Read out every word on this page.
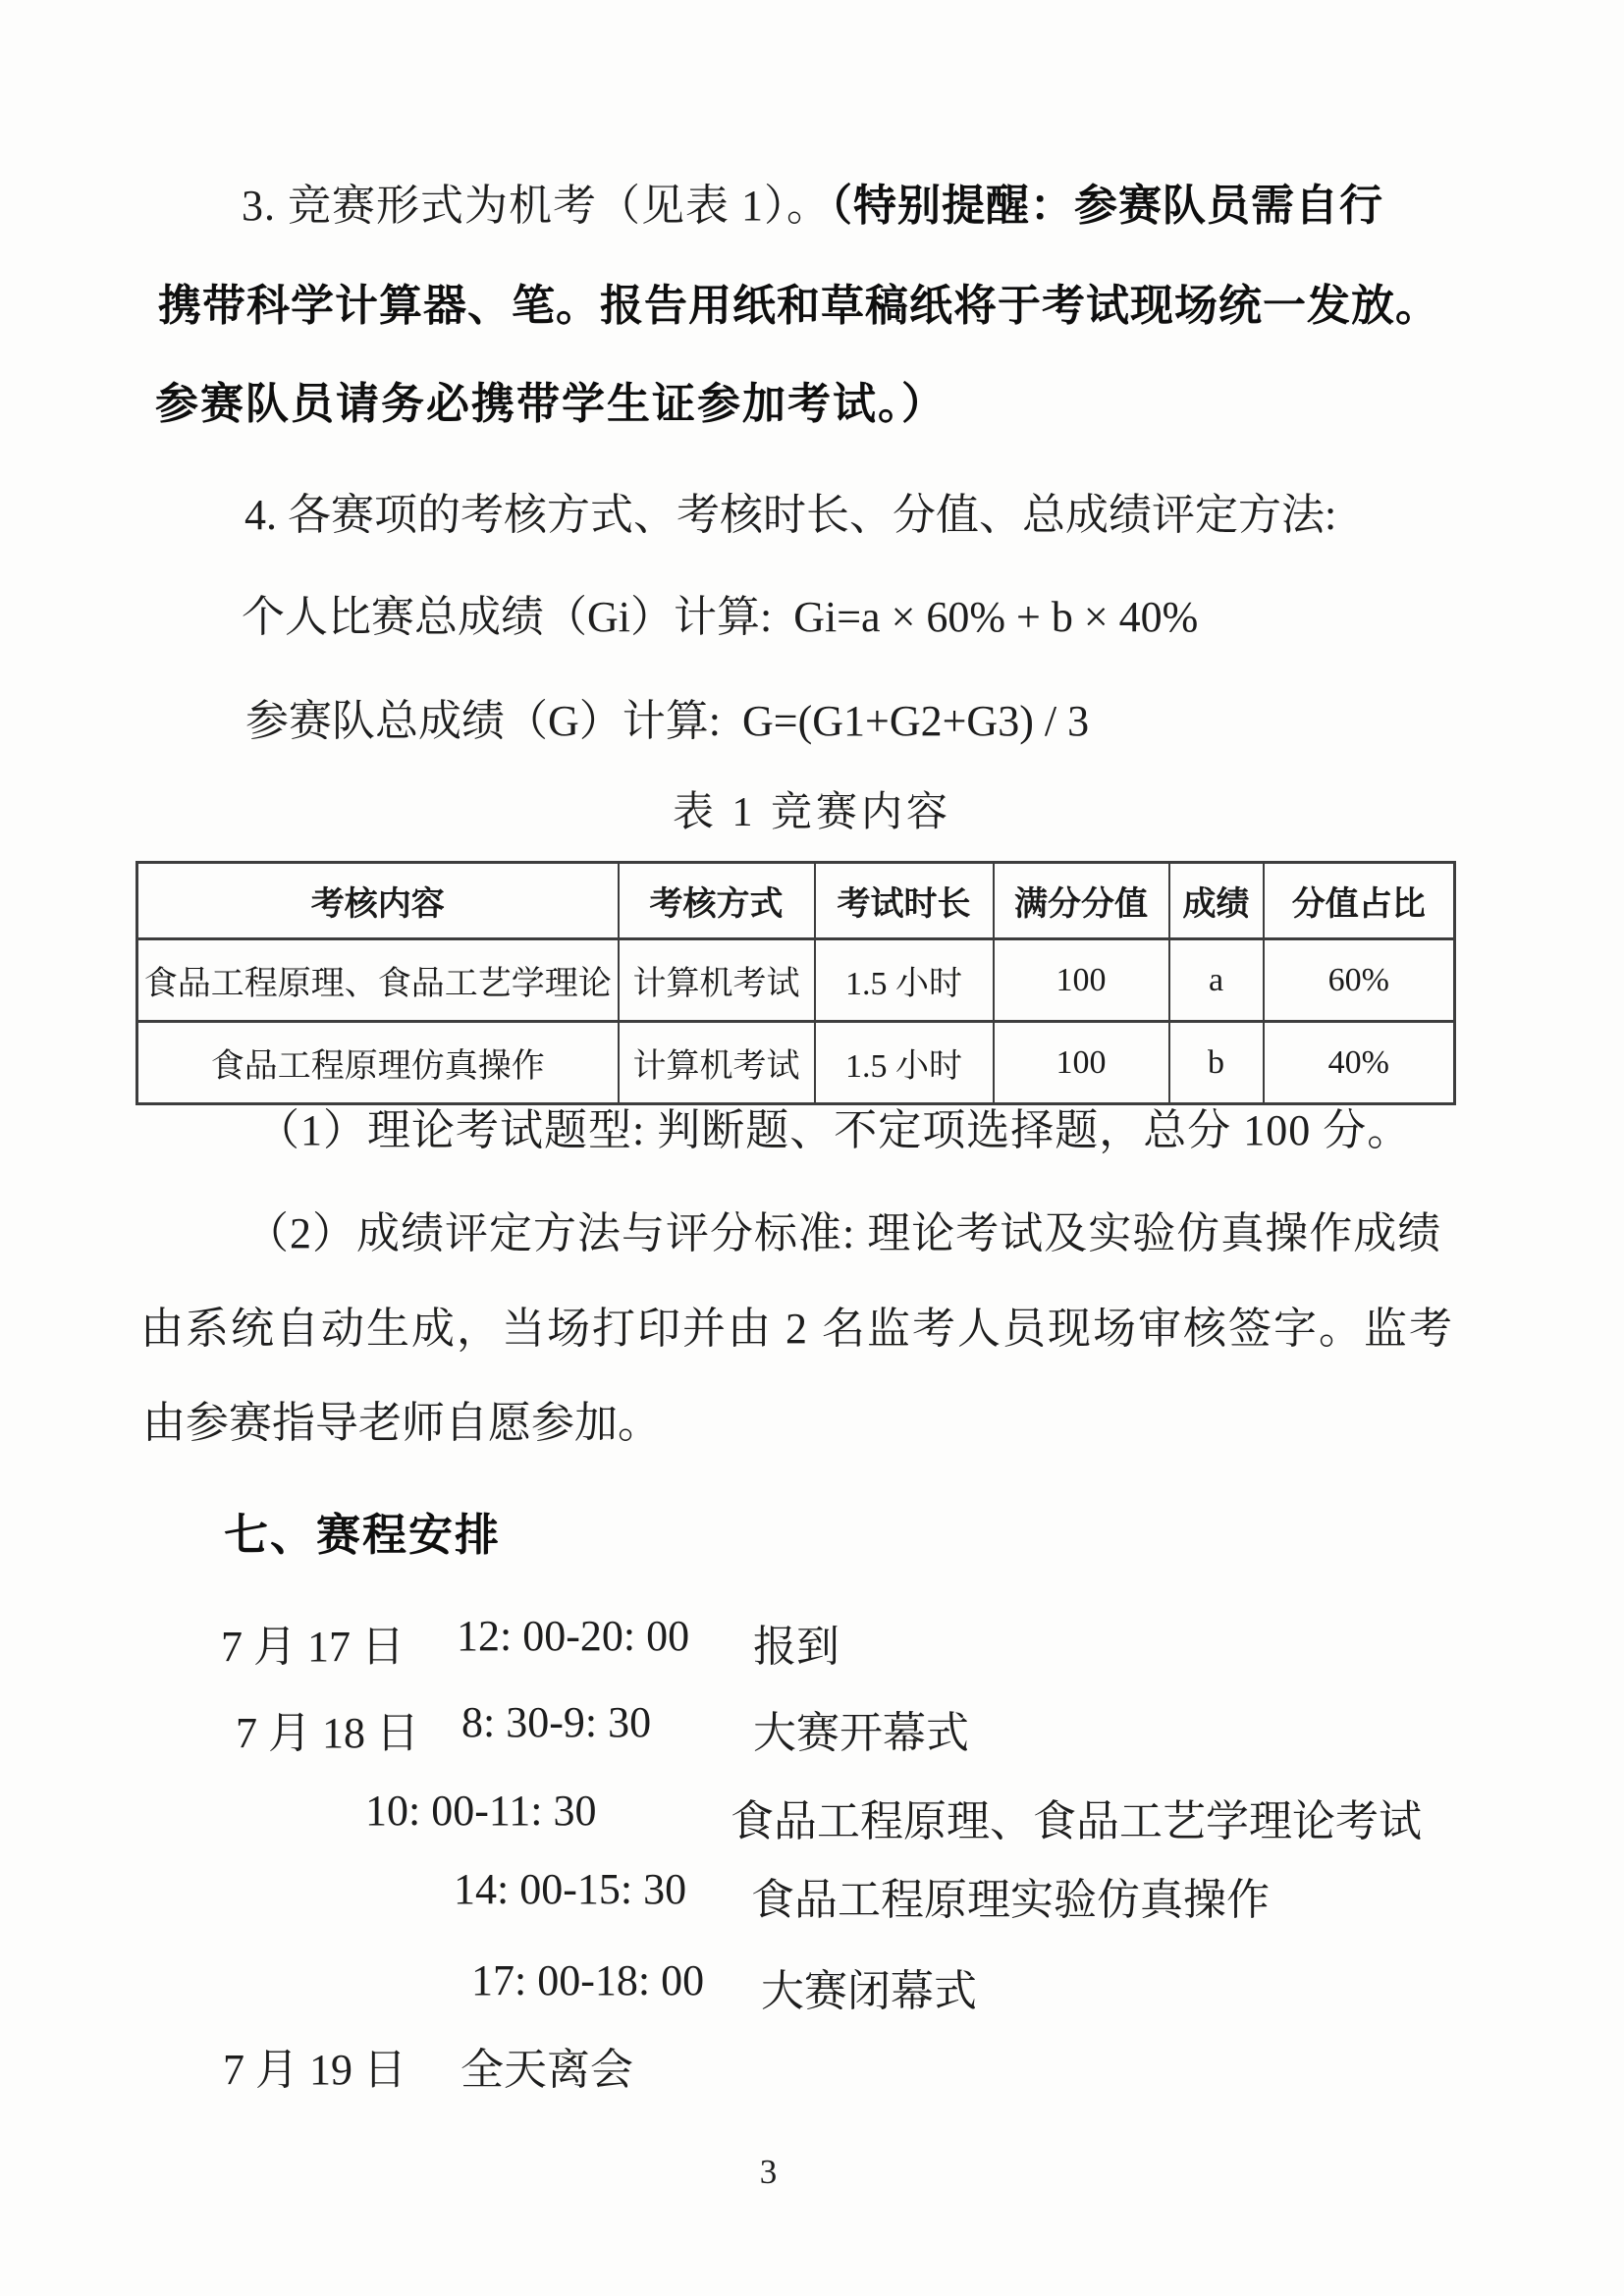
3. 竞赛形式为机考（见表 1）。（特别提醒：参赛队员需自行
携带科学计算器、笔。报告用纸和草稿纸将于考试现场统一发放。
参赛队员请务必携带学生证参加考试。）
4. 各赛项的考核方式、考核时长、分值、总成绩评定方法:
个人比赛总成绩（Gi）计算:  Gi=a × 60% + b × 40%
参赛队总成绩（G）计算:  G=(G1+G2+G3) / 3
表 1 竞赛内容
考核内容	考核方式	考试时长	满分分值	成绩	分值占比
食品工程原理、食品工艺学理论	计算机考试	1.5 小时	100	a	60%
食品工程原理仿真操作	计算机考试	1.5 小时	100	b	40%
（1）理论考试题型: 判断题、不定项选择题，总分 100 分。
（2）成绩评定方法与评分标准: 理论考试及实验仿真操作成绩
由系统自动生成，当场打印并由 2 名监考人员现场审核签字。监考
由参赛指导老师自愿参加。
七、赛程安排
7 月 17 日 12: 00-20: 00 报到
7 月 18 日 8: 30-9: 30 大赛开幕式
10: 00-11: 30	食品工程原理、食品工艺学理论考试
14: 00-15: 30 食品工程原理实验仿真操作
17: 00-18: 00 大赛闭幕式
7 月 19 日 全天离会
3
